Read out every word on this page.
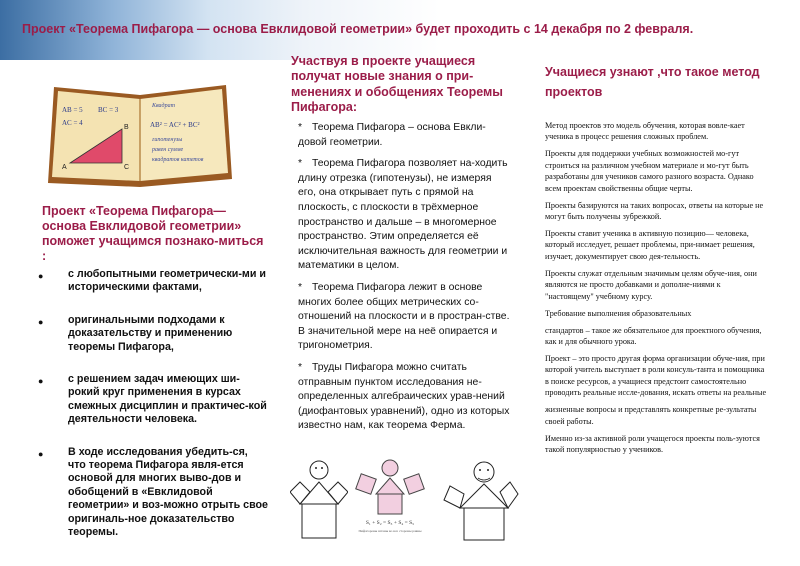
Проект «Теорема Пифагора — основа Евклидовой геометрии» будет проходить с 14 декабря по 2 февраля.
AB = 5 BC = 3
AC = 4
B
A	C
AB² = AC² + BC²
Квадрат
гипотенузы
равен сумме
квадратов катетов
Проект «Теорема Пифагора— основа Евклидовой геометрии» поможет учащимся познако-миться :
● с любопытными геометрически-ми и историческими фактами,
● оригинальными подходами к доказательству и применению теоремы Пифагора,
● с решением задач имеющих ши-рокий круг применения в курсах смежных дисциплин и практичес-кой деятельности человека.
● В ходе исследования убедить-ся, что теорема Пифагора явля-ется основой для многих выво-дов и обобщений в «Евклидовой геометрии» и воз-можно отрыть свое оригиналь-ное доказательство теоремы.
Участвуя в проекте учащиеся получат новые знания о при-менениях и обобщениях Теоремы Пифагора:
* Теорема Пифагора – основа Евкли-довой геометрии.
* Теорема Пифагора позволяет на-ходить длину отрезка (гипотенузы), не измеряя его, она открывает путь с прямой на плоскость, с плоскости в трёхмерное пространство и дальше – в многомерное пространство. Этим определяется её исключительная важность для геометрии и математики в целом.
* Теорема Пифагора лежит в основе многих более общих метрических со-отношений на плоскости и в простран-стве. В значительной мере на неё опирается и тригонометрия.
* Труды Пифагора можно считать отправным пунктом исследования не-определенных алгебраических урав-нений (диофантовых уравнений), одно из которых известно нам, как теорема Ферма.
Учащиеся узнают ,что такое метод проектов
Метод проектов это модель обучения, которая вовле-кает ученика в процесс решения сложных проблем.
Проекты для поддержки учебных возможностей мо-гут строиться на различном учебном материале и мо-гут быть разработаны для учеников самого разного возраста. Однако всем проектам свойственны общие черты.
Проекты базируются на таких вопросах, ответы на которые не могут быть получены зубрежкой.
Проекты ставит ученика в активную позицию— человека, который исследует, решает проблемы, при-нимает решения, изучает, документирует свою дея-тельность.
Проекты служат отдельным значимым целям обуче-ния, они являются не просто добавками и дополне-ниями к "настоящему" учебному курсу.
Требование выполнения образовательных
стандартов – такое же обязательное для проектного обучения, как и для обычного урока.
Проект – это просто другая форма организации обуче-ния, при которой учитель выступает в роли консуль-танта и помощника в поиске ресурсов, а учащиеся предстоит самостоятельно проводить реальные иссле-дования, искать ответы на реальные
жизненные вопросы и представлять конкретные ре-зультаты своей работы.
Именно из-за активной роли учащегося проекты поль-зуются такой популярностью у учеников.
S₁ + S₂ = S₃ + S₄ = S₅
Пифагоровы штаны во все стороны равны
